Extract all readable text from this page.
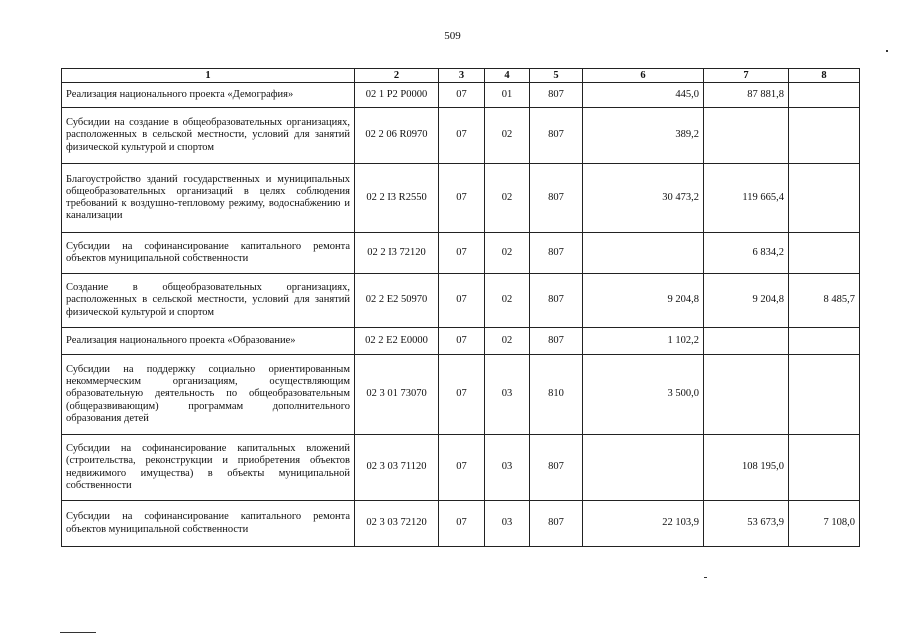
509
1	2	3	4	5	6	7	8
Реализация национального проекта «Демография»	02 1 P2 P0000	07	01	807	445,0	87 881,8	
Субсидии на создание в общеобразовательных организациях, расположенных в сельской местности, условий для занятий физической культурой и спортом	02 2 06 R0970	07	02	807	389,2		
Благоустройство зданий государственных и муниципальных общеобразовательных организаций в целях соблюдения требований к воздушно-тепловому режиму, водоснабжению и канализации	02 2 I3 R2550	07	02	807	30 473,2	119 665,4	
Субсидии на софинансирование капитального ремонта объектов муниципальной собственности	02 2 I3 72120	07	02	807		6 834,2	
Создание в общеобразовательных организациях, расположенных в сельской местности, условий для занятий физической культурой и спортом	02 2 E2 50970	07	02	807	9 204,8	9 204,8	8 485,7
Реализация национального проекта «Образование»	02 2 E2 E0000	07	02	807	1 102,2		
Субсидии на поддержку социально ориентированным некоммерческим организациям, осуществляющим образовательную деятельность по общеобразовательным (общеразвивающим) программам дополнительного образования детей	02 3 01 73070	07	03	810	3 500,0		
Субсидии на софинансирование капитальных вложений (строительства, реконструкции и приобретения объектов недвижимого имущества) в объекты муниципальной собственности	02 3 03 71120	07	03	807		108 195,0	
Субсидии на софинансирование капитального ремонта объектов муниципальной собственности	02 3 03 72120	07	03	807	22 103,9	53 673,9	7 108,0
